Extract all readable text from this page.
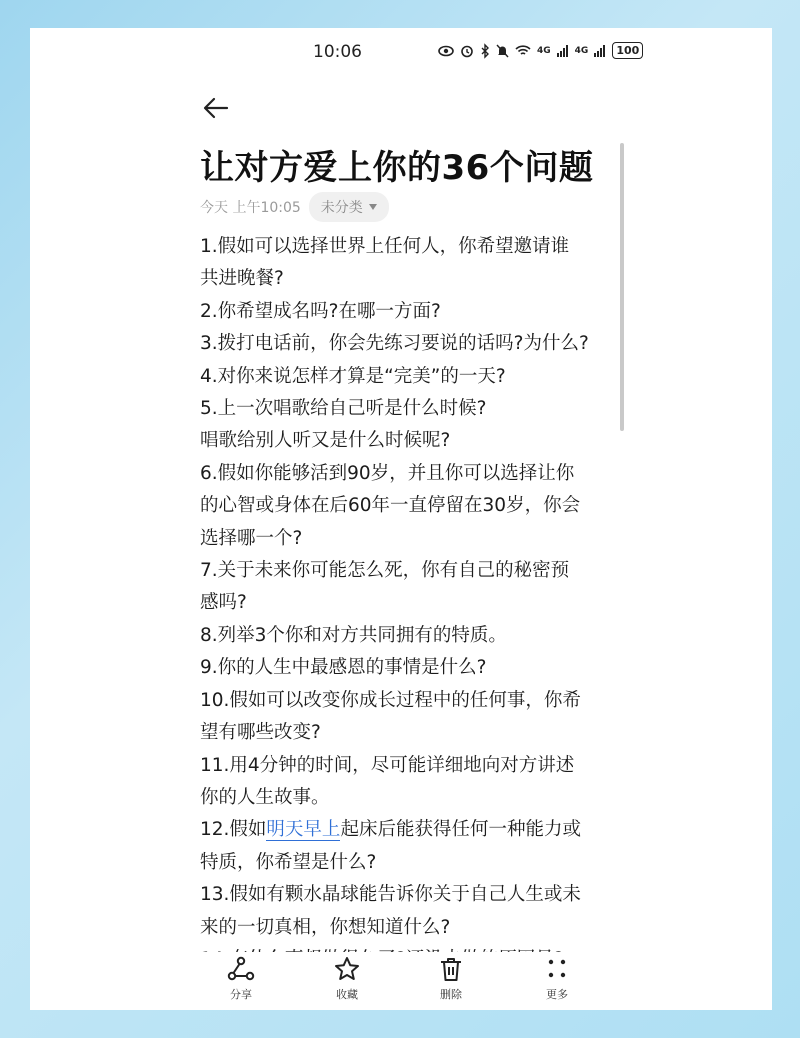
10:06	4G	4G	100
让对方爱上你的36个问题
今天 上午10:05 未分类

1.假如可以选择世界上任何人，你希望邀请谁

共进晚餐?

2.你希望成名吗?在哪一方面?

3.拨打电话前，你会先练习要说的话吗?为什么?

4.对你来说怎样才算是“完美”的一天?

5.上一次唱歌给自己听是什么时候?

唱歌给别人听又是什么时候呢?

6.假如你能够活到90岁，并且你可以选择让你

的心智或身体在后60年一直停留在30岁，你会

选择哪一个?

7.关于未来你可能怎么死，你有自己的秘密预

感吗?

8.列举3个你和对方共同拥有的特质。

9.你的人生中最感恩的事情是什么?

10.假如可以改变你成长过程中的任何事，你希

望有哪些改变?

11.用4分钟的时间，尽可能详细地向对方讲述

你的人生故事。

12.假如明天早上起床后能获得任何一种能力或

特质，你希望是什么?

13.假如有颗水晶球能告诉你关于自己人生或未

来的一切真相，你想知道什么?

分享	收藏	删除	更多
